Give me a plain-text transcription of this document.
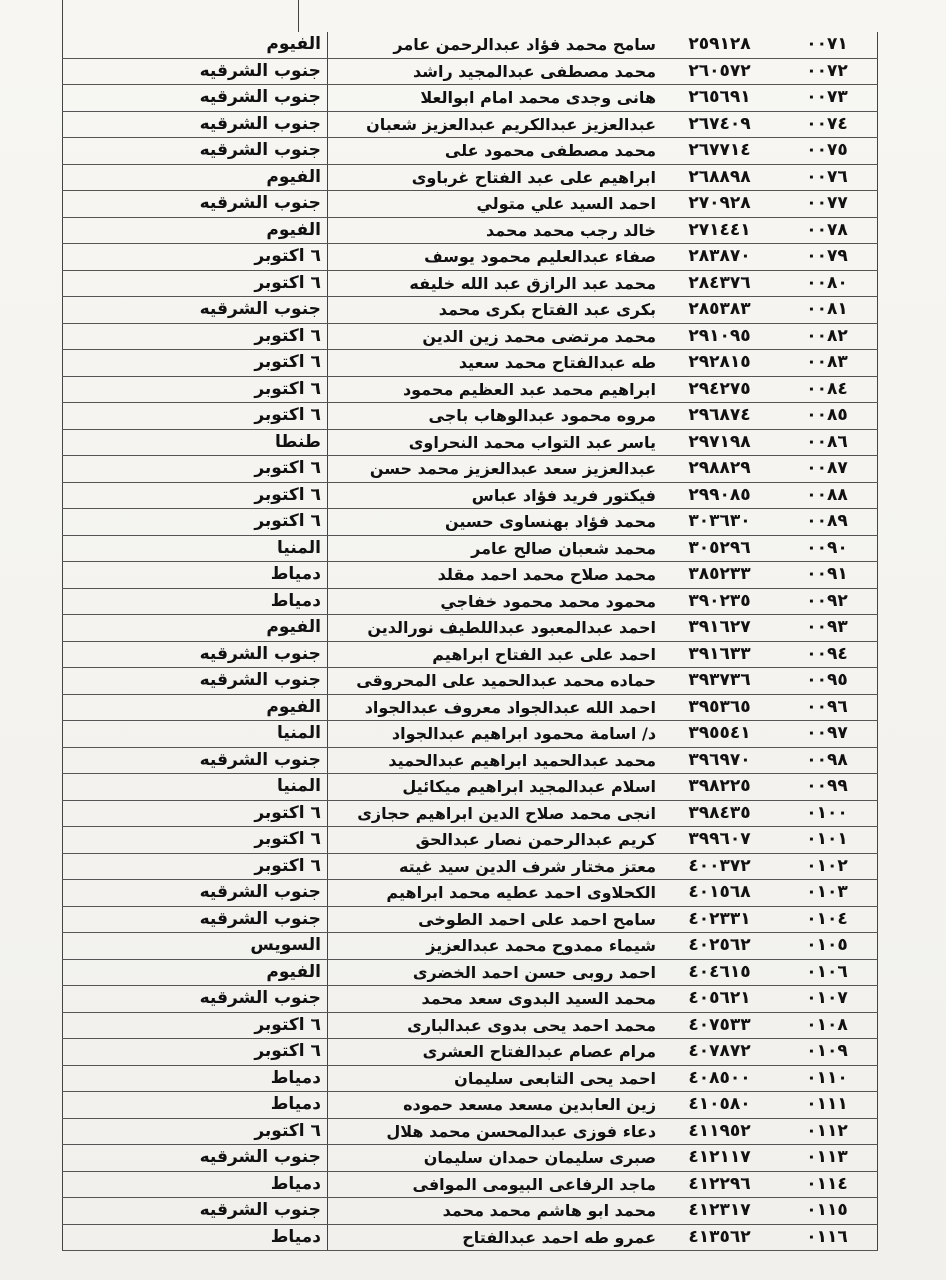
الفيوم	سامح محمد فؤاد عبدالرحمن عامر	٢٥٩١٢٨	٠٠٧١
جنوب الشرقيه	محمد مصطفى عبدالمجيد راشد	٢٦٠٥٧٢	٠٠٧٢
جنوب الشرقيه	هانى وجدى محمد امام ابوالعلا	٢٦٥٦٩١	٠٠٧٣
جنوب الشرقيه	عبدالعزيز عبدالكريم عبدالعزيز شعبان	٢٦٧٤٠٩	٠٠٧٤
جنوب الشرقيه	محمد مصطفى محمود على	٢٦٧٧١٤	٠٠٧٥
الفيوم	ابراهيم على عبد الفتاح غرباوى	٢٦٨٨٩٨	٠٠٧٦
جنوب الشرقيه	احمد السيد علي متولي	٢٧٠٩٢٨	٠٠٧٧
الفيوم	خالد رجب محمد محمد	٢٧١٤٤١	٠٠٧٨
٦ اكتوبر	صفاء عبدالعليم محمود يوسف	٢٨٣٨٧٠	٠٠٧٩
٦ اكتوبر	محمد عبد الرازق عبد الله خليفه	٢٨٤٣٧٦	٠٠٨٠
جنوب الشرقيه	بكرى عبد الفتاح بكرى محمد	٢٨٥٣٨٣	٠٠٨١
٦ اكتوبر	محمد مرتضى محمد زين الدين	٢٩١٠٩٥	٠٠٨٢
٦ اكتوبر	طه عبدالفتاح محمد سعيد	٢٩٢٨١٥	٠٠٨٣
٦ اكتوبر	ابراهيم محمد عبد العظيم محمود	٢٩٤٢٧٥	٠٠٨٤
٦ اكتوبر	مروه محمود عبدالوهاب باجى	٢٩٦٨٧٤	٠٠٨٥
طنطا	ياسر عبد التواب محمد النحراوى	٢٩٧١٩٨	٠٠٨٦
٦ اكتوبر	عبدالعزيز سعد عبدالعزيز محمد حسن	٢٩٨٨٢٩	٠٠٨٧
٦ اكتوبر	فيكتور فريد فؤاد عباس	٢٩٩٠٨٥	٠٠٨٨
٦ اكتوبر	محمد فؤاد بهنساوى حسين	٣٠٣٦٣٠	٠٠٨٩
المنيا	محمد شعبان صالح عامر	٣٠٥٢٩٦	٠٠٩٠
دمياط	محمد صلاح محمد احمد مقلد	٣٨٥٢٣٣	٠٠٩١
دمياط	محمود محمد محمود خفاجي	٣٩٠٢٣٥	٠٠٩٢
الفيوم	احمد عبدالمعبود عبداللطيف نورالدين	٣٩١٦٢٧	٠٠٩٣
جنوب الشرقيه	احمد على عبد الفتاح ابراهيم	٣٩١٦٣٣	٠٠٩٤
جنوب الشرقيه	حماده محمد عبدالحميد على المحروقى	٣٩٣٧٣٦	٠٠٩٥
الفيوم	احمد الله عبدالجواد معروف عبدالجواد	٣٩٥٣٦٥	٠٠٩٦
المنيا	د/ اسامة محمود ابراهيم عبدالجواد	٣٩٥٥٤١	٠٠٩٧
جنوب الشرقيه	محمد عبدالحميد ابراهيم عبدالحميد	٣٩٦٩٧٠	٠٠٩٨
المنيا	اسلام عبدالمجيد ابراهيم ميكائيل	٣٩٨٢٢٥	٠٠٩٩
٦ اكتوبر	انجى محمد صلاح الدين ابراهيم حجازى	٣٩٨٤٣٥	٠١٠٠
٦ اكتوبر	كريم عبدالرحمن نصار عبدالحق	٣٩٩٦٠٧	٠١٠١
٦ اكتوبر	معتز مختار شرف الدين سيد غيته	٤٠٠٣٧٢	٠١٠٢
جنوب الشرقيه	الكحلاوى احمد عطيه محمد ابراهيم	٤٠١٥٦٨	٠١٠٣
جنوب الشرقيه	سامح احمد على احمد الطوخى	٤٠٢٣٣١	٠١٠٤
السويس	شيماء ممدوح محمد عبدالعزيز	٤٠٢٥٦٢	٠١٠٥
الفيوم	احمد روبى حسن احمد الخضرى	٤٠٤٦١٥	٠١٠٦
جنوب الشرقيه	محمد السيد البدوى سعد محمد	٤٠٥٦٢١	٠١٠٧
٦ اكتوبر	محمد احمد يحى بدوى عبدالبارى	٤٠٧٥٣٣	٠١٠٨
٦ اكتوبر	مرام عصام عبدالفتاح العشرى	٤٠٧٨٧٢	٠١٠٩
دمياط	احمد يحى التابعى سليمان	٤٠٨٥٠٠	٠١١٠
دمياط	زين العابدين مسعد مسعد حموده	٤١٠٥٨٠	٠١١١
٦ اكتوبر	دعاء فوزى عبدالمحسن محمد هلال	٤١١٩٥٢	٠١١٢
جنوب الشرقيه	صبرى سليمان حمدان سليمان	٤١٢١١٧	٠١١٣
دمياط	ماجد الرفاعى البيومى الموافى	٤١٢٢٩٦	٠١١٤
جنوب الشرقيه	محمد ابو هاشم محمد محمد	٤١٢٣١٧	٠١١٥
دمياط	عمرو طه احمد عبدالفتاح	٤١٣٥٦٢	٠١١٦
